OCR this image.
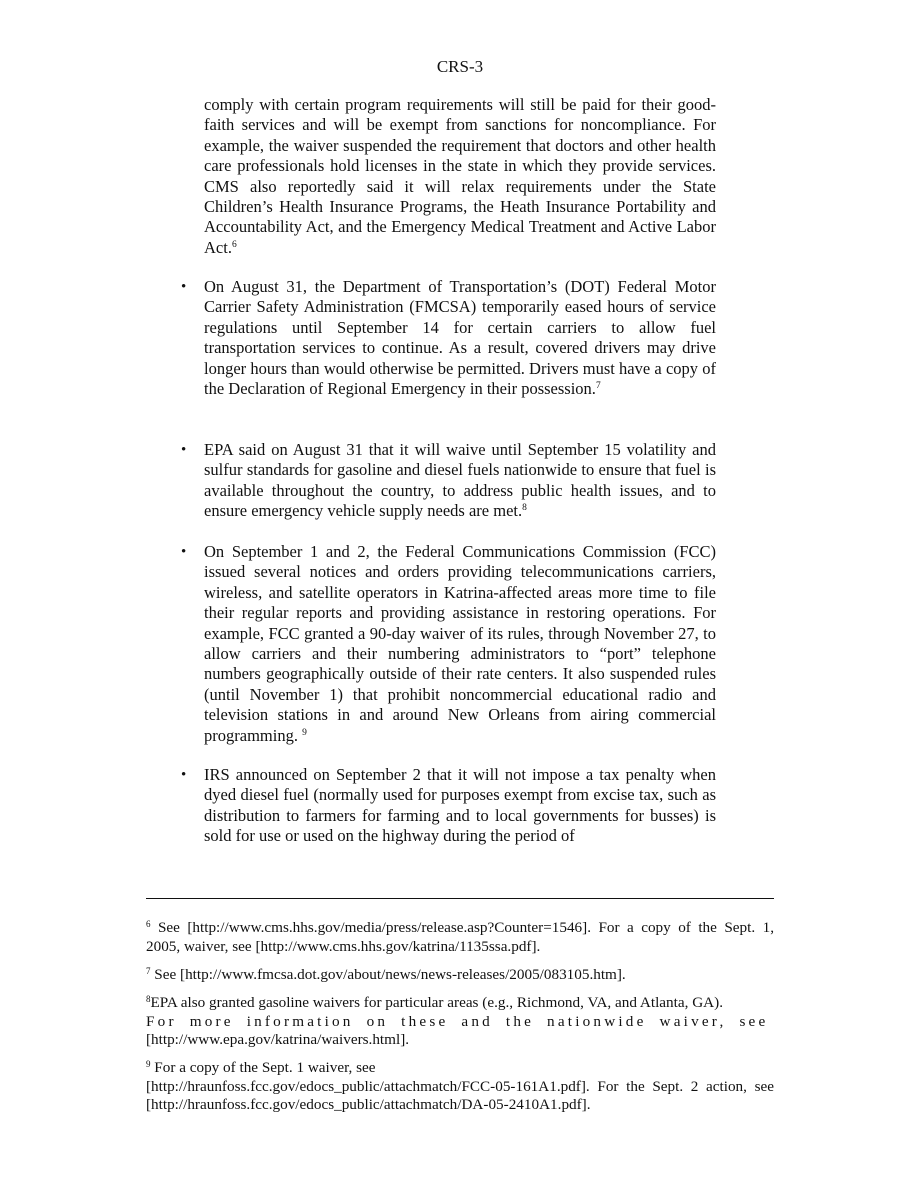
CRS-3

comply with certain program requirements will still be paid for their good-faith services and will be exempt from sanctions for noncompliance. For example, the waiver suspended the requirement that doctors and other health care professionals hold licenses in the state in which they provide services. CMS also reportedly said it will relax requirements under the State Children’s Health Insurance Programs, the Heath Insurance Portability and Accountability Act, and the Emergency Medical Treatment and Active Labor Act.$^6$

• On August 31, the Department of Transportation’s (DOT) Federal Motor Carrier Safety Administration (FMCSA) temporarily eased hours of service regulations until September 14 for certain carriers to allow fuel transportation services to continue. As a result, covered drivers may drive longer hours than would otherwise be permitted. Drivers must have a copy of the Declaration of Regional Emergency in their possession.$^7$

• EPA said on August 31 that it will waive until September 15 volatility and sulfur standards for gasoline and diesel fuels nationwide to ensure that fuel is available throughout the country, to address public health issues, and to ensure emergency vehicle supply needs are met.$^8$

• On September 1 and 2, the Federal Communications Commission (FCC) issued several notices and orders providing telecommunications carriers, wireless, and satellite operators in Katrina-affected areas more time to file their regular reports and providing assistance in restoring operations. For example, FCC granted a 90-day waiver of its rules, through November 27, to allow carriers and their numbering administrators to “port” telephone numbers geographically outside of their rate centers. It also suspended rules (until November 1) that prohibit noncommercial educational radio and television stations in and around New Orleans from airing commercial programming. $^9$

• IRS announced on September 2 that it will not impose a tax penalty when dyed diesel fuel (normally used for purposes exempt from excise tax, such as distribution to farmers for farming and to local governments for busses) is sold for use or used on the highway during the period of

$^6$ See [http://www.cms.hhs.gov/media/press/release.asp?Counter=1546]. For a copy of the Sept. 1, 2005, waiver, see [http://www.cms.hhs.gov/katrina/1135ssa.pdf].

$^7$ See [http://www.fmcsa.dot.gov/about/news/news-releases/2005/083105.htm].

$^8$EPA also granted gasoline waivers for particular areas (e.g., Richmond, VA, and Atlanta, GA).
For more information on these and the nationwide waiver, see
[http://www.epa.gov/katrina/waivers.html].
$^9$ For a copy of the Sept. 1 waiver, see
[http://hraunfoss.fcc.gov/edocs_public/attachmatch/FCC-05-161A1.pdf]. For the Sept. 2 action, see [http://hraunfoss.fcc.gov/edocs_public/attachmatch/DA-05-2410A1.pdf].
